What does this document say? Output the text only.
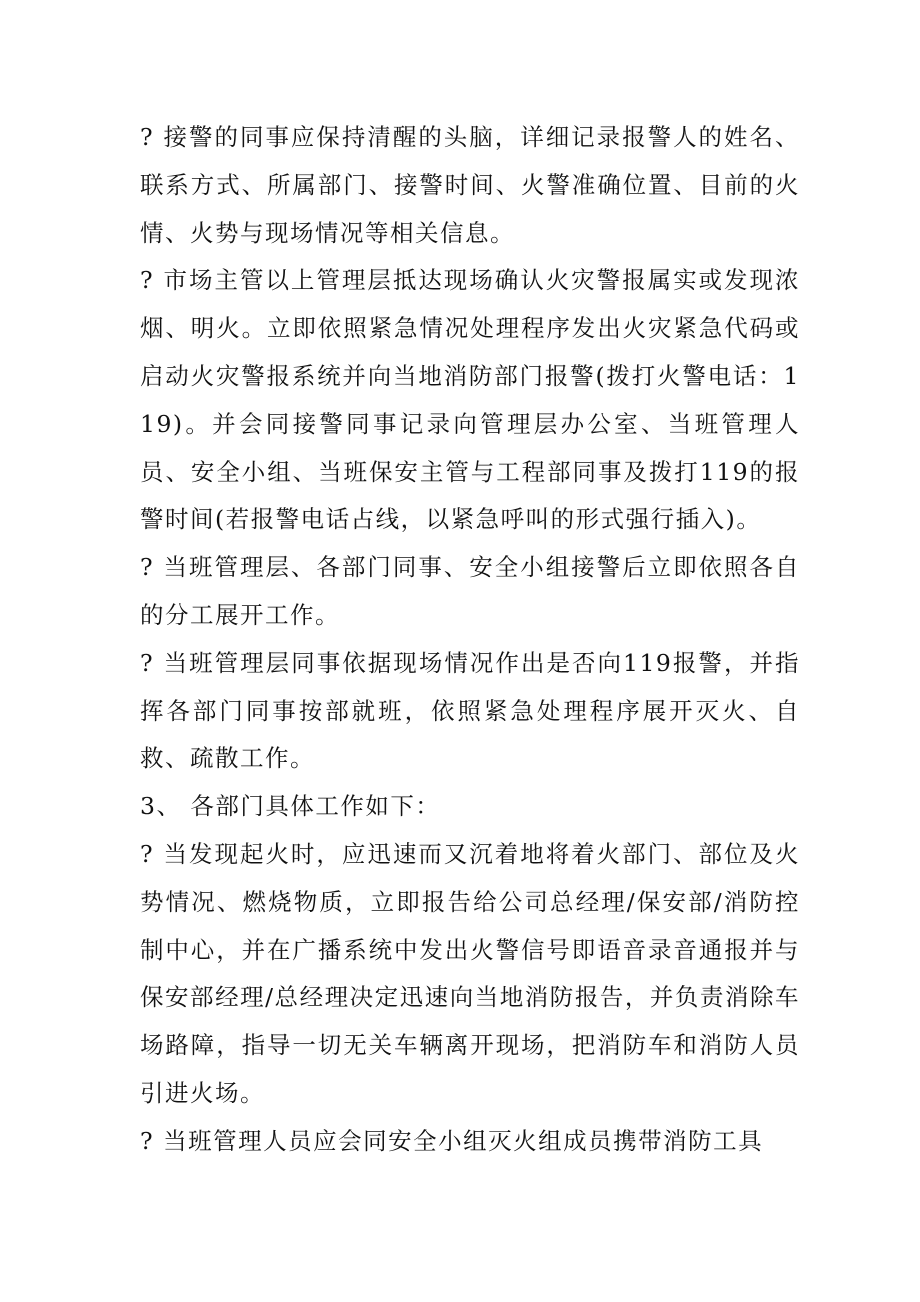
? 接警的同事应保持清醒的头脑，详细记录报警人的姓名、联系方式、所属部门、接警时间、火警准确位置、目前的火情、火势与现场情况等相关信息。

? 市场主管以上管理层抵达现场确认火灾警报属实或发现浓烟、明火。立即依照紧急情况处理程序发出火灾紧急代码或启动火灾警报系统并向当地消防部门报警(拨打火警电话：119)。并会同接警同事记录向管理层办公室、当班管理人员、安全小组、当班保安主管与工程部同事及拨打119的报警时间(若报警电话占线，以紧急呼叫的形式强行插入)。

? 当班管理层、各部门同事、安全小组接警后立即依照各自的分工展开工作。

? 当班管理层同事依据现场情况作出是否向119报警，并指挥各部门同事按部就班，依照紧急处理程序展开灭火、自救、疏散工作。

3、 各部门具体工作如下：

? 当发现起火时，应迅速而又沉着地将着火部门、部位及火势情况、燃烧物质，立即报告给公司总经理/保安部/消防控制中心，并在广播系统中发出火警信号即语音录音通报并与保安部经理/总经理决定迅速向当地消防报告，并负责消除车场路障，指导一切无关车辆离开现场，把消防车和消防人员引进火场。

? 当班管理人员应会同安全小组灭火组成员携带消防工具
